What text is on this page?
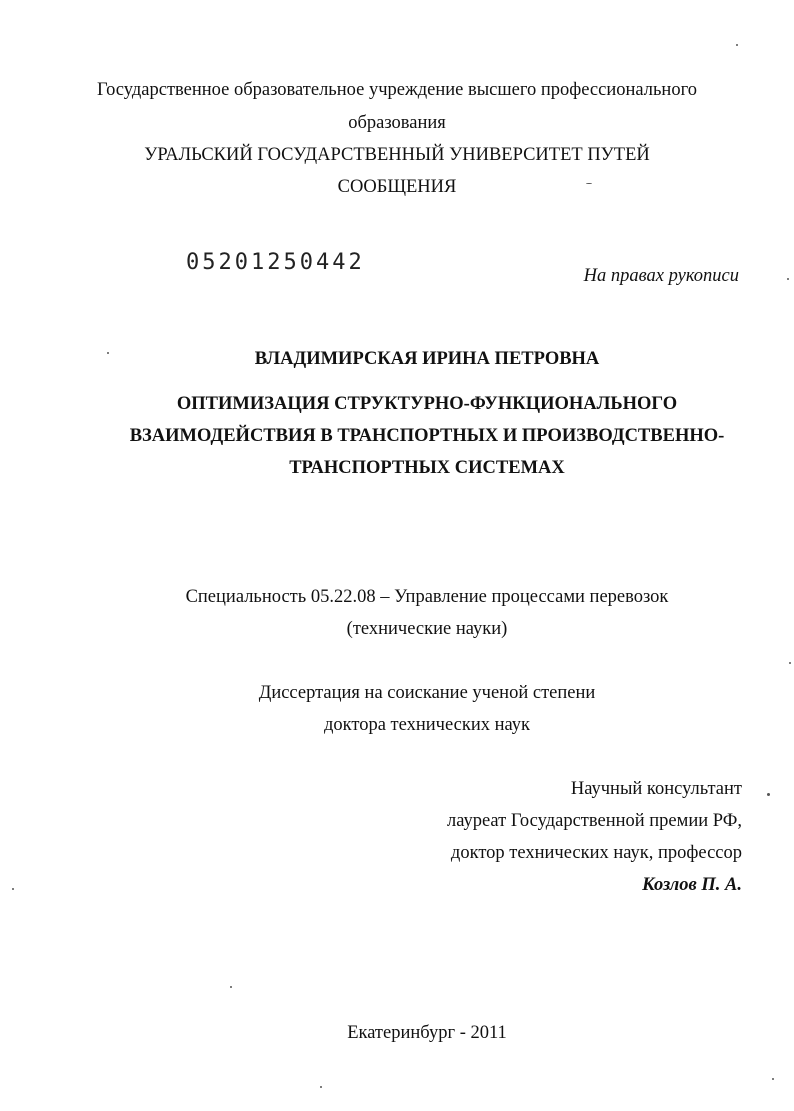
Государственное образовательное учреждение высшего профессионального
образования
УРАЛЬСКИЙ ГОСУДАРСТВЕННЫЙ УНИВЕРСИТЕТ ПУТЕЙ
СООБЩЕНИЯ
05201250442
На правах рукописи
ВЛАДИМИРСКАЯ ИРИНА ПЕТРОВНА
ОПТИМИЗАЦИЯ СТРУКТУРНО-ФУНКЦИОНАЛЬНОГО
ВЗАИМОДЕЙСТВИЯ В ТРАНСПОРТНЫХ И ПРОИЗВОДСТВЕННО-
ТРАНСПОРТНЫХ СИСТЕМАХ
Специальность 05.22.08 – Управление процессами перевозок
(технические науки)
Диссертация на соискание ученой степени
доктора технических наук
Научный консультант
лауреат Государственной премии РФ,
доктор технических наук, профессор
Козлов П. А.
Екатеринбург - 2011
